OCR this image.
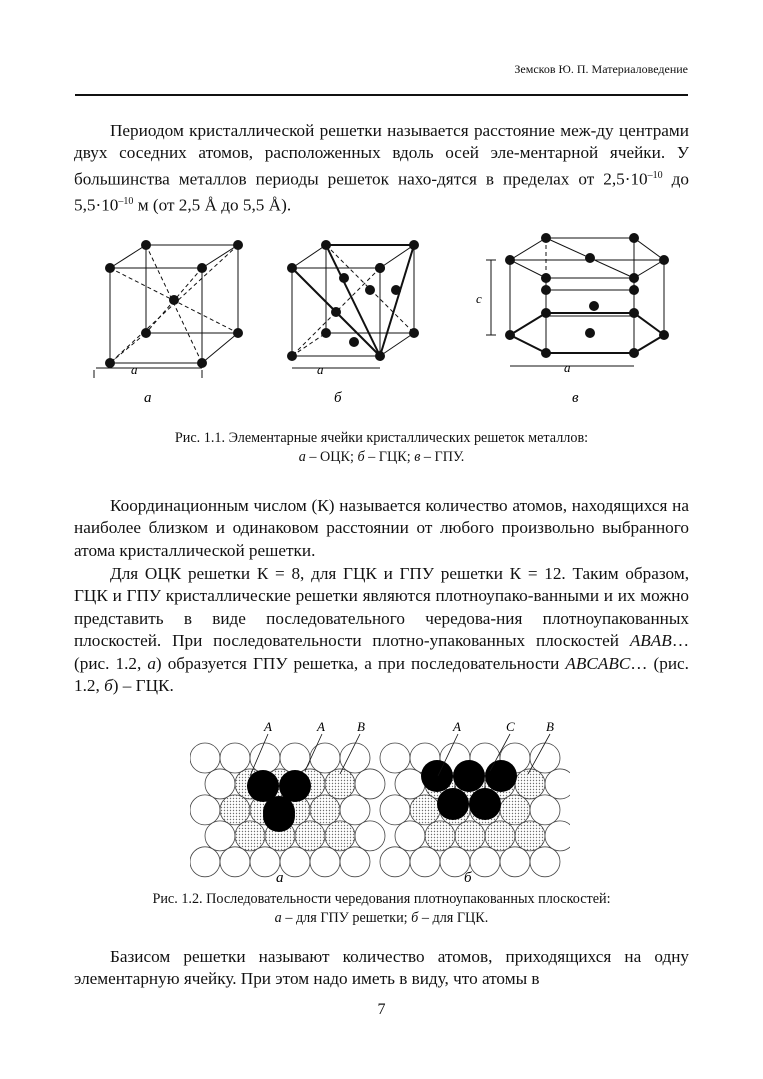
Земсков Ю. П. Материаловедение
Периодом кристаллической решетки называется расстояние меж-ду центрами двух соседних атомов, расположенных вдоль осей эле-ментарной ячейки. У большинства металлов периоды решеток нахо-дятся в пределах от $2,5\cdot 10^{-10}$ до $5,5\cdot 10^{-10}$ м (от 2,5 Å до 5,5 Å).
a
а
a
б
c
a
в
Рис. 1.1. Элементарные ячейки кристаллических решеток металлов:
а – ОЦК; б – ГЦК; в – ГПУ.
Координационным числом (К) называется количество атомов, находящихся на наиболее близком и одинаковом расстоянии от любого произвольно выбранного атома кристаллической решетки.
Для ОЦК решетки К = 8, для ГЦК и ГПУ решетки К = 12. Таким образом, ГЦК и ГПУ кристаллические решетки являются плотноупако-ванными и их можно представить в виде последовательного чередова-ния плотноупакованных плоскостей. При последовательности плотно-упакованных плоскостей ABAB… (рис. 1.2, а) образуется ГПУ решетка, а при последовательности ABCABC… (рис. 1.2, б) – ГЦК.
A	A B	A	C B
а	б
Рис. 1.2. Последовательности чередования плотноупакованных плоскостей:
а – для ГПУ решетки; б – для ГЦК.
Базисом решетки называют количество атомов, приходящихся на одну элементарную ячейку. При этом надо иметь в виду, что атомы в
7
